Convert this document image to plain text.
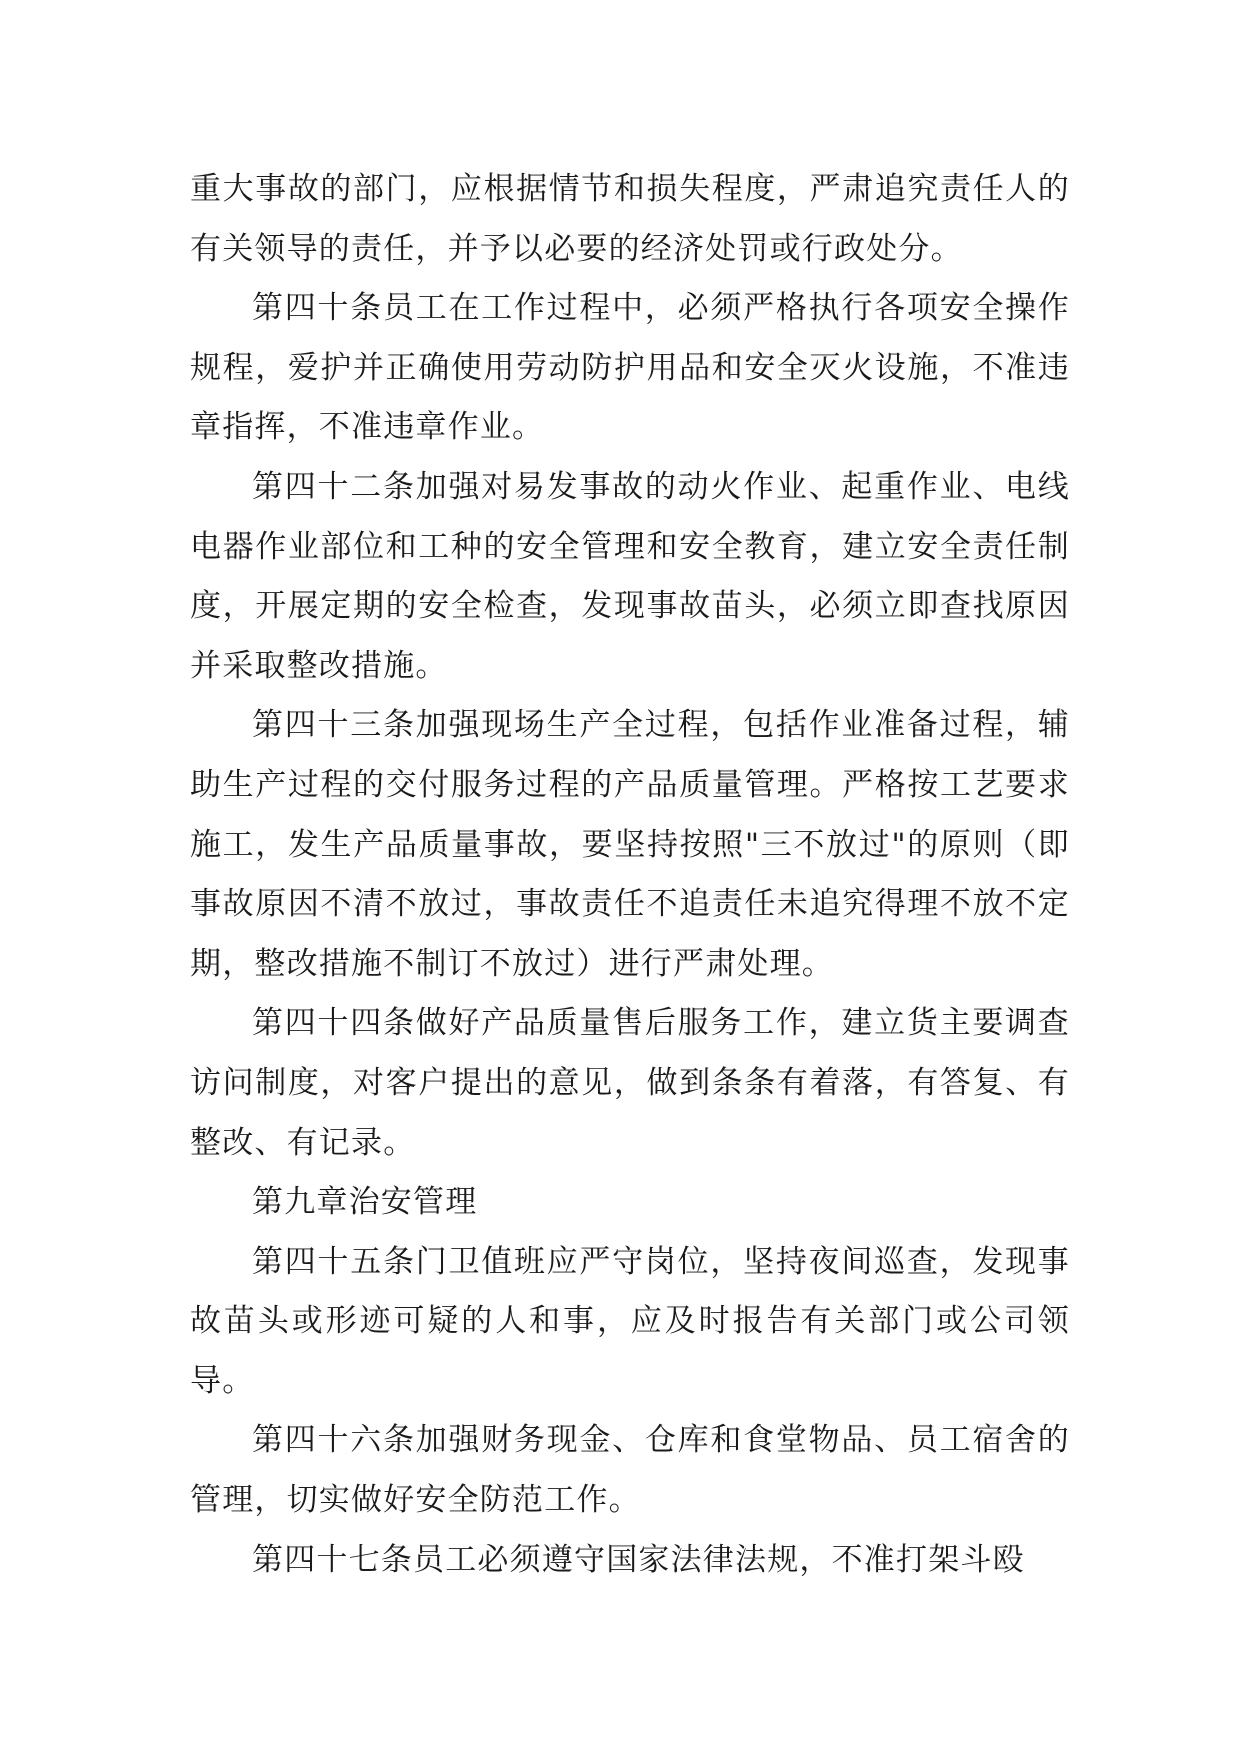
重大事故的部门，应根据情节和损失程度，严肃追究责任人的有关领导的责任，并予以必要的经济处罚或行政处分。

第四十条员工在工作过程中，必须严格执行各项安全操作规程，爱护并正确使用劳动防护用品和安全灭火设施，不准违章指挥，不准违章作业。

第四十二条加强对易发事故的动火作业、起重作业、电线电器作业部位和工种的安全管理和安全教育，建立安全责任制度，开展定期的安全检查，发现事故苗头，必须立即查找原因并采取整改措施。

第四十三条加强现场生产全过程，包括作业准备过程，辅助生产过程的交付服务过程的产品质量管理。严格按工艺要求施工，发生产品质量事故，要坚持按照"三不放过"的原则（即事故原因不清不放过，事故责任不追责任未追究得理不放不定期，整改措施不制订不放过）进行严肃处理。

第四十四条做好产品质量售后服务工作，建立货主要调查访问制度，对客户提出的意见，做到条条有着落，有答复、有整改、有记录。

第九章治安管理

第四十五条门卫值班应严守岗位，坚持夜间巡查，发现事故苗头或形迹可疑的人和事，应及时报告有关部门或公司领导。

第四十六条加强财务现金、仓库和食堂物品、员工宿舍的管理，切实做好安全防范工作。

第四十七条员工必须遵守国家法律法规，不准打架斗殴
